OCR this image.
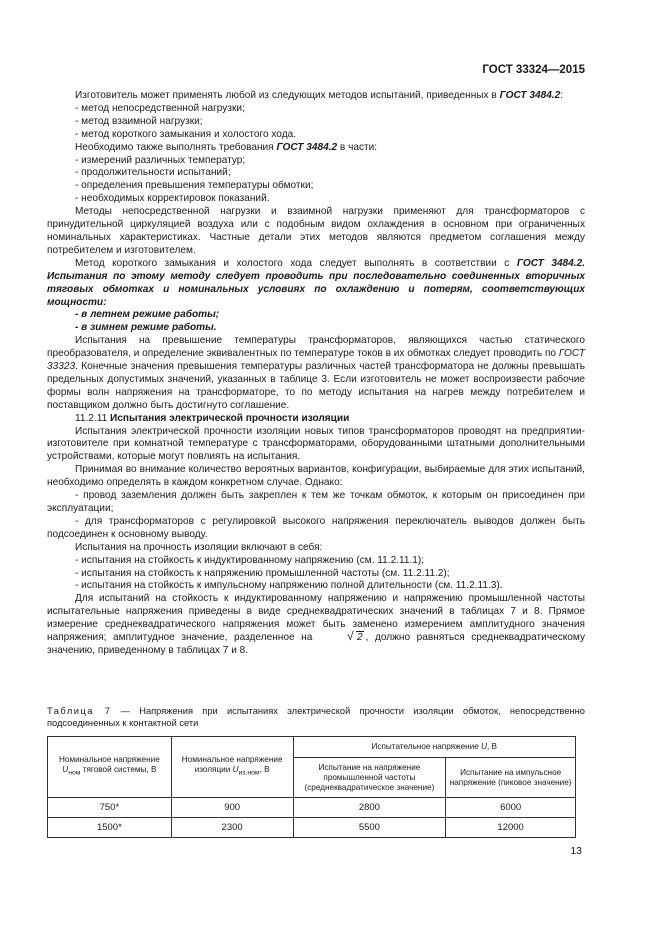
ГОСТ 33324—2015

Изготовитель может применять любой из следующих методов испытаний, приведенных в ГОСТ 3484.2:

- метод непосредственной нагрузки;

- метод взаимной нагрузки;

- метод короткого замыкания и холостого хода.

Необходимо также выполнять требования ГОСТ 3484.2 в части:

- измерений различных температур;

- продолжительности испытаний;

- определения превышения температуры обмотки;

- необходимых корректировок показаний.

Методы непосредственной нагрузки и взаимной нагрузки применяют для трансформаторов с принудительной циркуляцией воздуха или с подобным видом охлаждения в основном при ограниченных номинальных характеристиках. Частные детали этих методов являются предметом соглашения между потребителем и изготовителем.

Метод короткого замыкания и холостого хода следует выполнять в соответствии с ГОСТ 3484.2. Испытания по этому методу следует проводить при последовательно соединенных вторичных тяговых обмотках и номинальных условиях по охлаждению и потерям, соответствующих мощности:

- в летнем режиме работы;

- в зимнем режиме работы.

Испытания на превышение температуры трансформаторов, являющихся частью статического преобразователя, и определение эквивалентных по температуре токов в их обмотках следует проводить по ГОСТ 33323. Конечные значения превышения температуры различных частей трансформатора не должны превышать предельных допустимых значений, указанных в таблице 3. Если изготовитель не может воспроизвести рабочие формы волн напряжения на трансформаторе, то по методу испытания на нагрев между потребителем и поставщиком должно быть достигнуто соглашение.

11.2.11 Испытания электрической прочности изоляции

Испытания электрической прочности изоляции новых типов трансформаторов проводят на предприятии-изготовителе при комнатной температуре с трансформаторами, оборудованными штатными дополнительными устройствами, которые могут повлиять на испытания.

Принимая во внимание количество вероятных вариантов, конфигурации, выбираемые для этих испытаний, необходимо определять в каждом конкретном случае. Однако:

- провод заземления должен быть закреплен к тем же точкам обмоток, к которым он присоединен при эксплуатации;

- для трансформаторов с регулировкой высокого напряжения переключатель выводов должен быть подсоединен к основному выводу.

Испытания на прочность изоляции включают в себя:

- испытания на стойкость к индуктированному напряжению (см. 11.2.11.1);

- испытания на стойкость к напряжению промышленной частоты (см. 11.2.11.2);

- испытания на стойкость к импульсному напряжению полной длительности (см. 11.2.11.3).

Для испытаний на стойкость к индуктированному напряжению и напряжению промышленной частоты испытательные напряжения приведены в виде среднеквадратических значений в таблицах 7 и 8. Прямое измерение среднеквадратического напряжения может быть заменено измерением амплитудного значения напряжения; амплитудное значение, разделенное на	√ 2 , должно равняться среднеквадратическому значению, приведенному в таблицах 7 и 8.

Таблица 7 — Напряжения при испытаниях электрической прочности изоляции обмоток, непосредственно подсоединенных к контактной сети
Номинальное напряжение $U_{ном}$ тяговой системы, В	Номинальное напряжение изоляции $U_{из.ном}$, В	Испытательное напряжение U, В	
		Испытание на напряжение промышленной частоты (среднеквадратическое значение)	Испытание на импульсное напряжение (пиковое значение)
750*	900	2800	6000
1500*	2300	5500	12000
13
